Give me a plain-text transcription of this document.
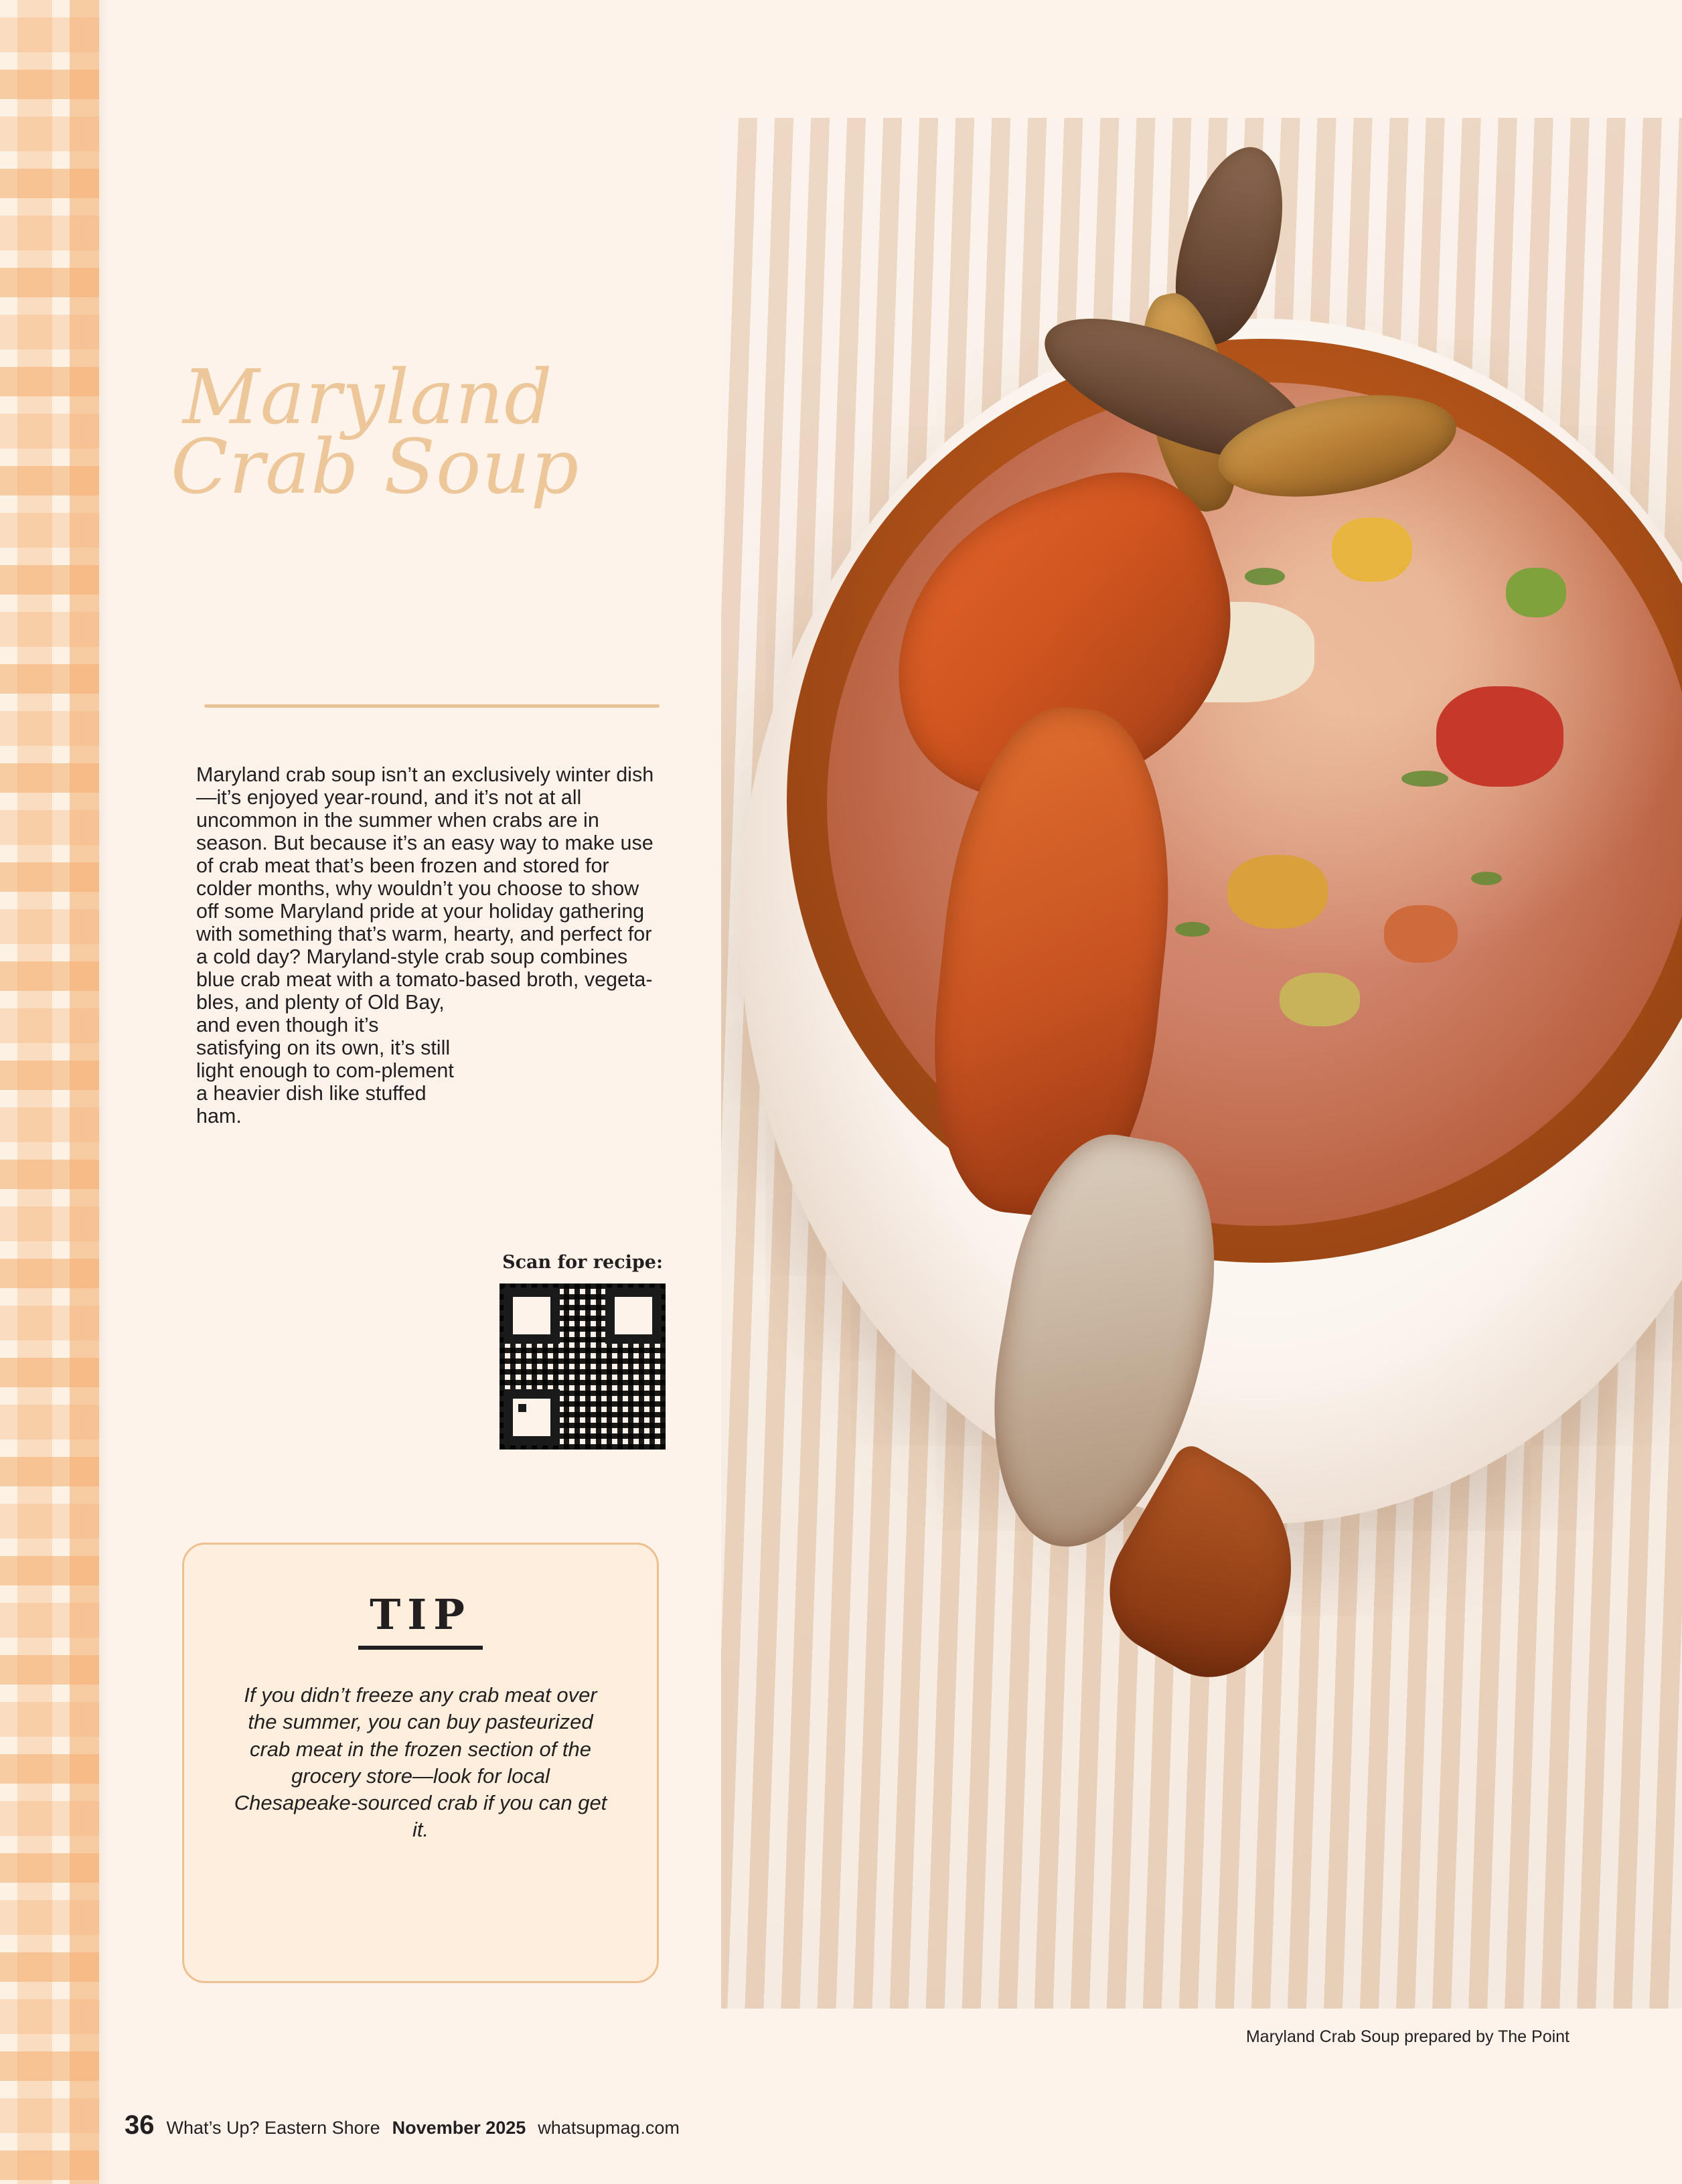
Maryland
Crab Soup

Maryland crab soup isn’t an exclusively winter dish—it’s enjoyed year-round, and it’s not at all uncommon in the summer when crabs are in season. But because it’s an easy way to make use of crab meat that’s been frozen and stored for colder months, why wouldn’t you choose to show off some Maryland pride at your holiday gathering with something that’s warm, hearty, and perfect for a cold day? Maryland-style crab soup combines blue crab meat with a tomato-based broth, vegeta-

bles, and plenty of Old Bay, and even though it’s satisfying on its own, it’s still light enough to com-plement a heavier dish like stuffed ham.

Scan for recipe:
TIP
If you didn’t freeze any crab meat over the summer, you can buy pasteurized crab meat in the frozen section of the grocery store—look for local Chesapeake-sourced crab if you can get it.
Maryland Crab Soup prepared by The Point
36 What’s Up? Eastern Shore November 2025 whatsupmag.com
